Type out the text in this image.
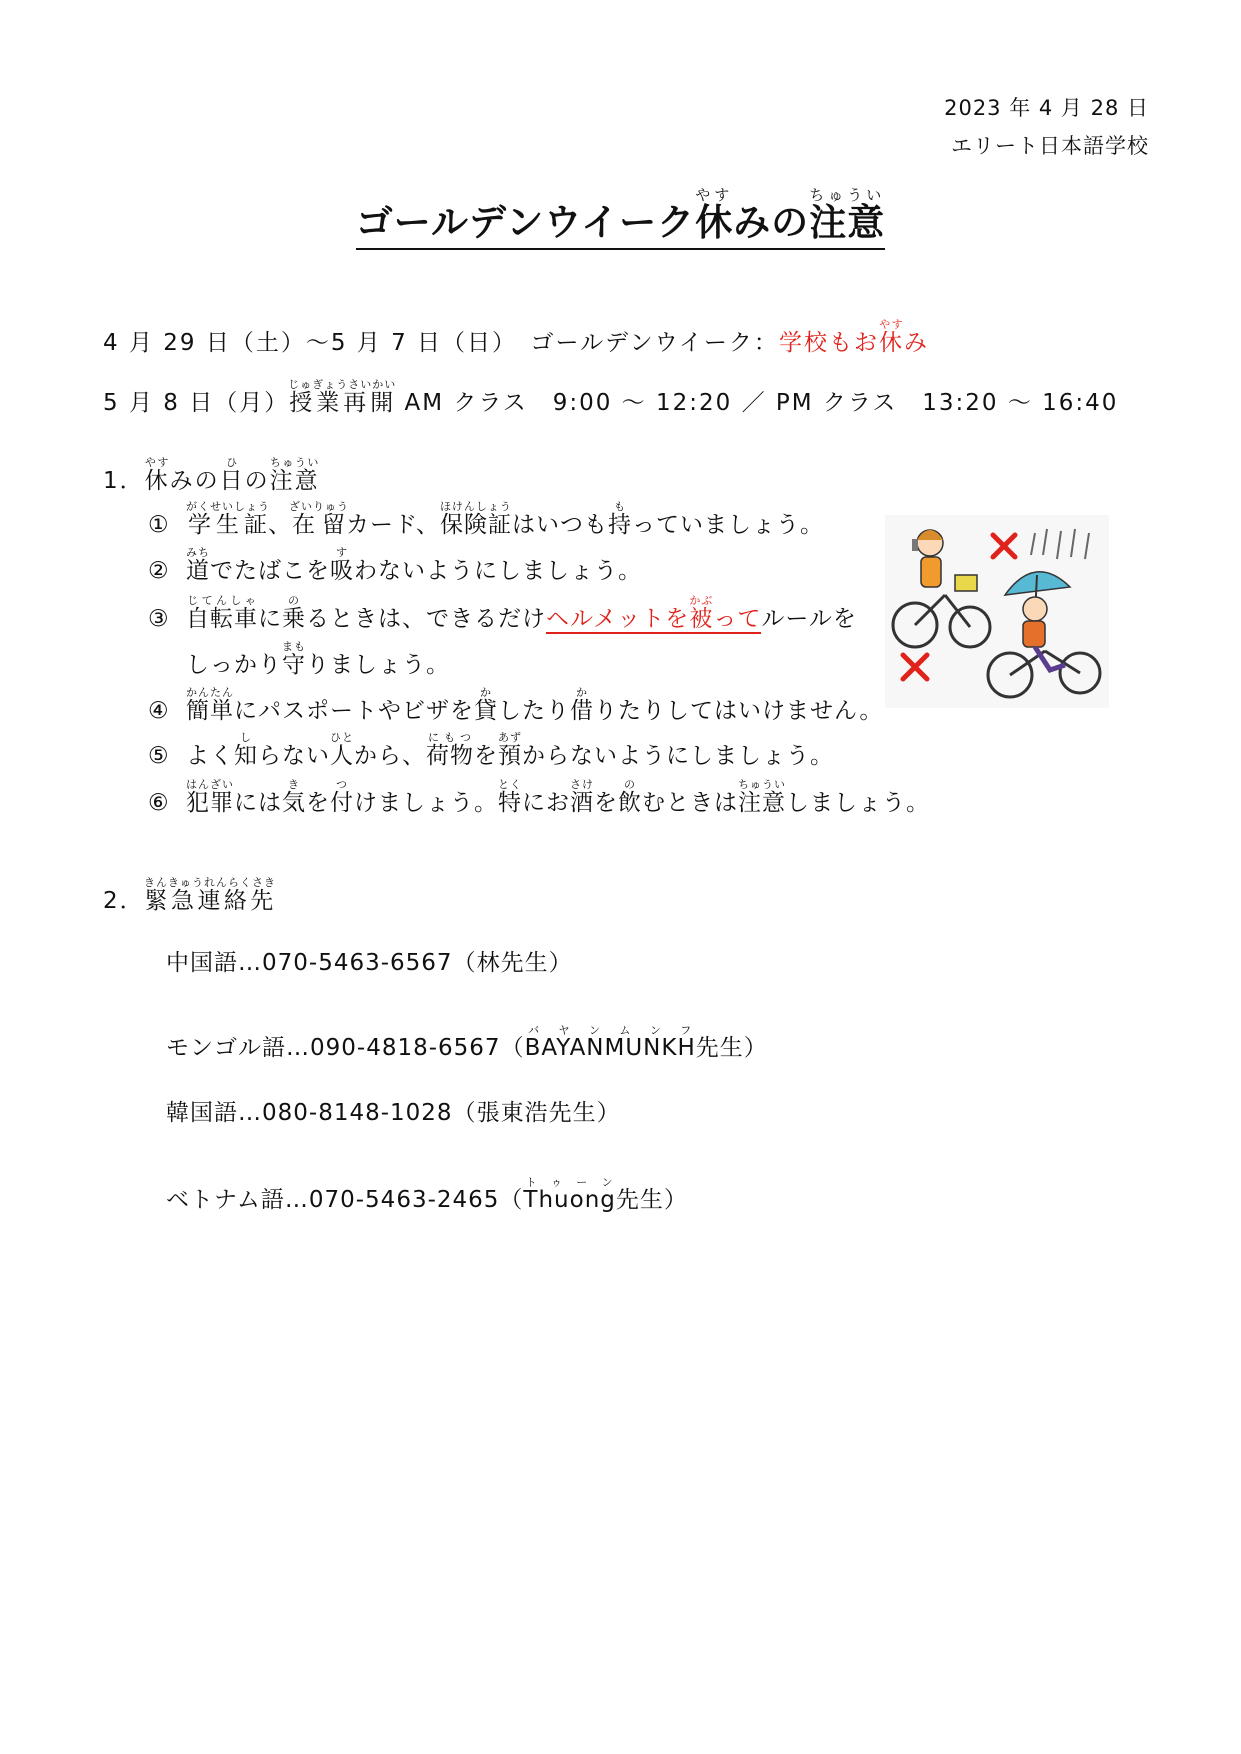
2023 年 4 月 28 日
エリート日本語学校
ゴールデンウイーク休やすみの注意ちゅうい
4 月 29 日（土）～5 月 7 日（日）　ゴールデンウイーク：学校もお休やすみ
5 月 8 日（月）授業再開じゅぎょうさいかい AM クラス　9:00 ～ 12:20 ／ PM クラス　13:20 ～ 16:40
1．休やすみの日ひの注意ちゅうい
① 学生証がくせいしょう、在留ざいりゅうカード、保険証ほけんしょうはいつも持もっていましょう。
② 道みちでたばこを吸すわないようにしましょう。
③ 自転車じてんしゃに乗のるときは、できるだけヘルメットを被かぶってルールを
しっかり守まもりましょう。
④ 簡単かんたんにパスポートやビザを貸かしたり借かりたりしてはいけません。
⑤ よく知しらない人ひとから、荷物にもつを預あずからないようにしましょう。
⑥ 犯罪はんざいには気きを付つけましょう。特とくにお酒さけを飲のむときは注意ちゅういしましょう。
2．緊急連絡先きんきゅうれんらくさき
中国語…070-5463-6567（林先生）
モンゴル語…090-4818-6567（BAYANMUNKHバ ヤ ン ム ン フ先生）
韓国語…080-8148-1028（張東浩先生）
ベトナム語…070-5463-2465（Thuongト ゥ ー ン先生）
